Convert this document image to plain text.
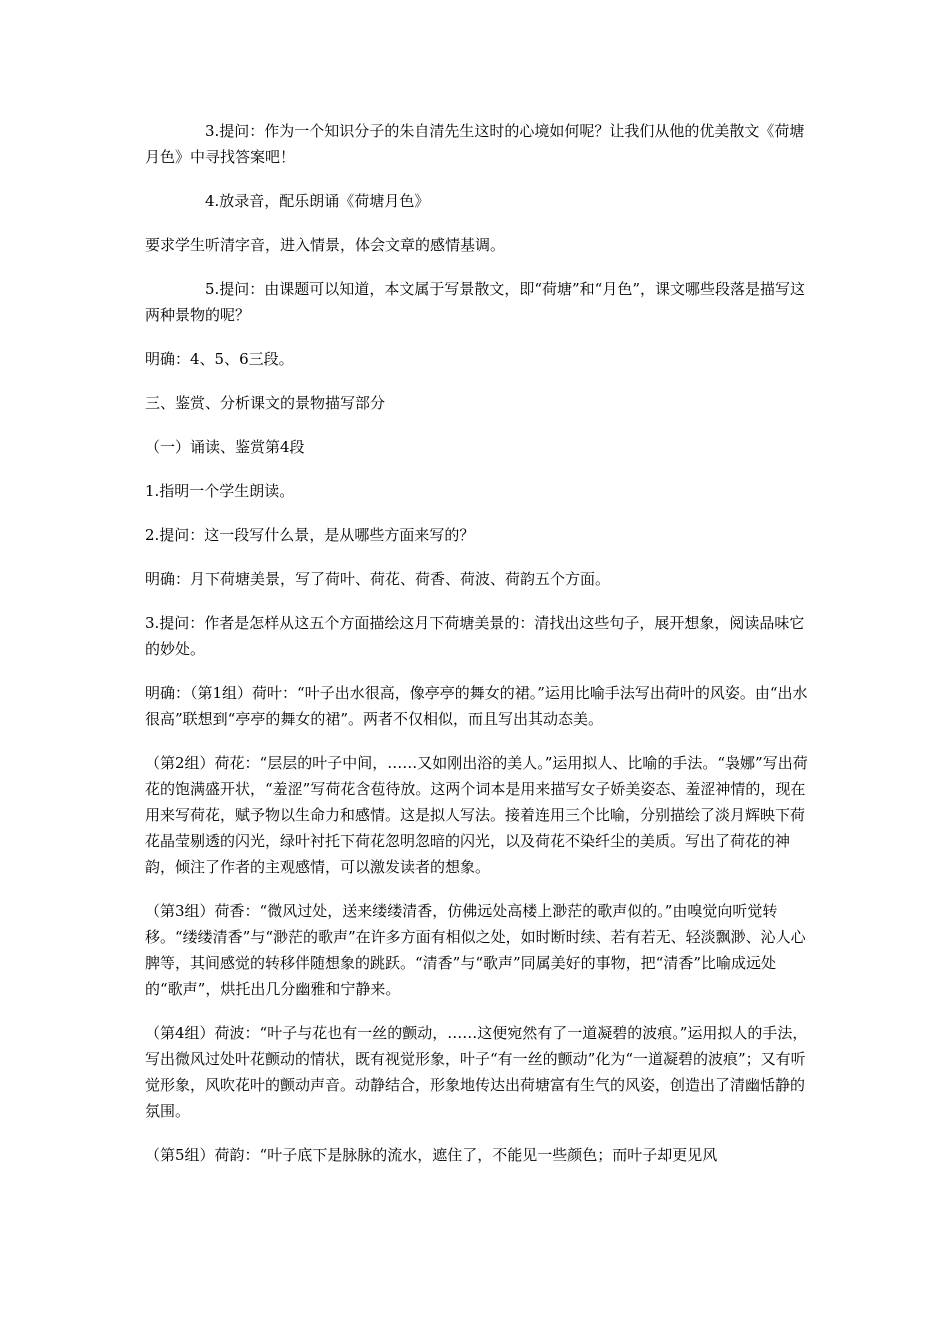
3.提问：作为一个知识分子的朱自清先生这时的心境如何呢？让我们从他的优美散文《荷塘月色》中寻找答案吧！

4.放录音，配乐朗诵《荷塘月色》

要求学生听清字音，进入情景，体会文章的感情基调。

5.提问：由课题可以知道，本文属于写景散文，即“荷塘”和“月色”，课文哪些段落是描写这两种景物的呢？

明确：4、5、6三段。

三、鉴赏、分析课文的景物描写部分

（一）诵读、鉴赏第4段

1.指明一个学生朗读。

2.提问：这一段写什么景，是从哪些方面来写的？

明确：月下荷塘美景，写了荷叶、荷花、荷香、荷波、荷韵五个方面。

3.提问：作者是怎样从这五个方面描绘这月下荷塘美景的：清找出这些句子，展开想象，阅读品味它的妙处。

明确：（第1组）荷叶：“叶子出水很高，像亭亭的舞女的裙。”运用比喻手法写出荷叶的风姿。由“出水很高”联想到“亭亭的舞女的裙”。两者不仅相似，而且写出其动态美。

（第2组）荷花：“层层的叶子中间，……又如刚出浴的美人。”运用拟人、比喻的手法。“袅娜”写出荷花的饱满盛开状，“羞涩”写荷花含苞待放。这两个词本是用来描写女子娇美姿态、羞涩神情的，现在用来写荷花，赋予物以生命力和感情。这是拟人写法。接着连用三个比喻，分别描绘了淡月辉映下荷花晶莹剔透的闪光，绿叶衬托下荷花忽明忽暗的闪光，以及荷花不染纤尘的美质。写出了荷花的神韵，倾注了作者的主观感情，可以激发读者的想象。

（第3组）荷香：“微风过处，送来缕缕清香，仿佛远处高楼上渺茫的歌声似的。”由嗅觉向听觉转移。“缕缕清香”与“渺茫的歌声”在许多方面有相似之处，如时断时续、若有若无、轻淡飘渺、沁人心脾等，其间感觉的转移伴随想象的跳跃。“清香”与“歌声”同属美好的事物，把“清香”比喻成远处的“歌声”，烘托出几分幽雅和宁静来。

（第4组）荷波：“叶子与花也有一丝的颤动，……这便宛然有了一道凝碧的波痕。”运用拟人的手法，写出微风过处叶花颤动的情状，既有视觉形象，叶子“有一丝的颤动”化为“一道凝碧的波痕”；又有听觉形象，风吹花叶的颤动声音。动静结合，形象地传达出荷塘富有生气的风姿，创造出了清幽恬静的氛围。

（第5组）荷韵：“叶子底下是脉脉的流水，遮住了，不能见一些颜色；而叶子却更见风
